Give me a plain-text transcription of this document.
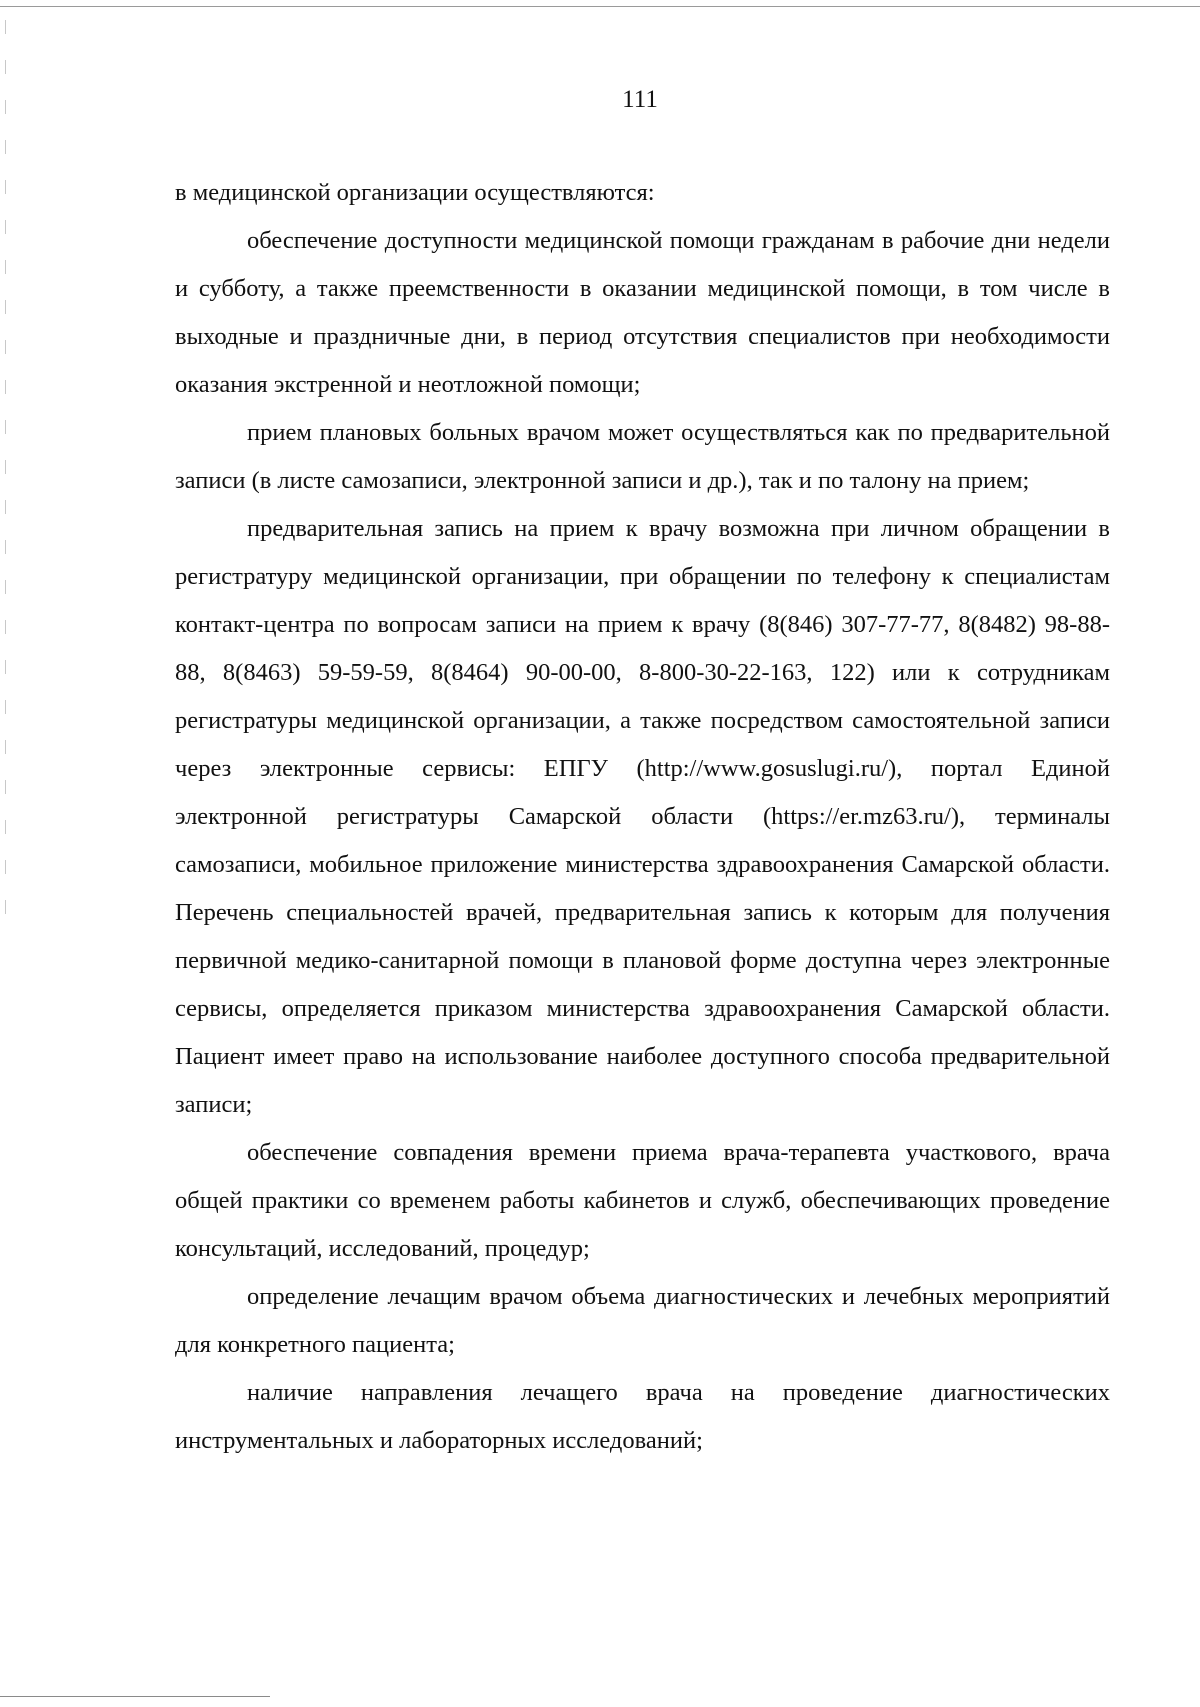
111

в медицинской организации осуществляются:

обеспечение доступности медицинской помощи гражданам в рабочие дни недели и субботу, а также преемственности в оказании медицинской помощи, в том числе в выходные и праздничные дни, в период отсутствия специалистов при необходимости оказания экстренной и неотложной помощи;

прием плановых больных врачом может осуществляться как по предварительной записи (в листе самозаписи, электронной записи и др.), так и по талону на прием;

предварительная запись на прием к врачу возможна при личном обращении в регистратуру медицинской организации, при обращении по телефону к специалистам контакт-центра по вопросам записи на прием к врачу (8(846) 307-77-77, 8(8482) 98-88-88, 8(8463) 59-59-59, 8(8464) 90-00-00, 8-800-30-22-163, 122) или к сотрудникам регистратуры медицинской организации, а также посредством самостоятельной записи через электронные сервисы: ЕПГУ (http://www.gosuslugi.ru/), портал Единой электронной регистратуры Самарской области (https://er.mz63.ru/), терминалы самозаписи, мобильное приложение министерства здравоохранения Самарской области. Перечень специальностей врачей, предварительная запись к которым для получения первичной медико-санитарной помощи в плановой форме доступна через электронные сервисы, определяется приказом министерства здравоохранения Самарской области. Пациент имеет право на использование наиболее доступного способа предварительной записи;

обеспечение совпадения времени приема врача-терапевта участкового, врача общей практики со временем работы кабинетов и служб, обеспечивающих проведение консультаций, исследований, процедур;

определение лечащим врачом объема диагностических и лечебных мероприятий для конкретного пациента;

наличие направления лечащего врача на проведение диагностических инструментальных и лабораторных исследований;
